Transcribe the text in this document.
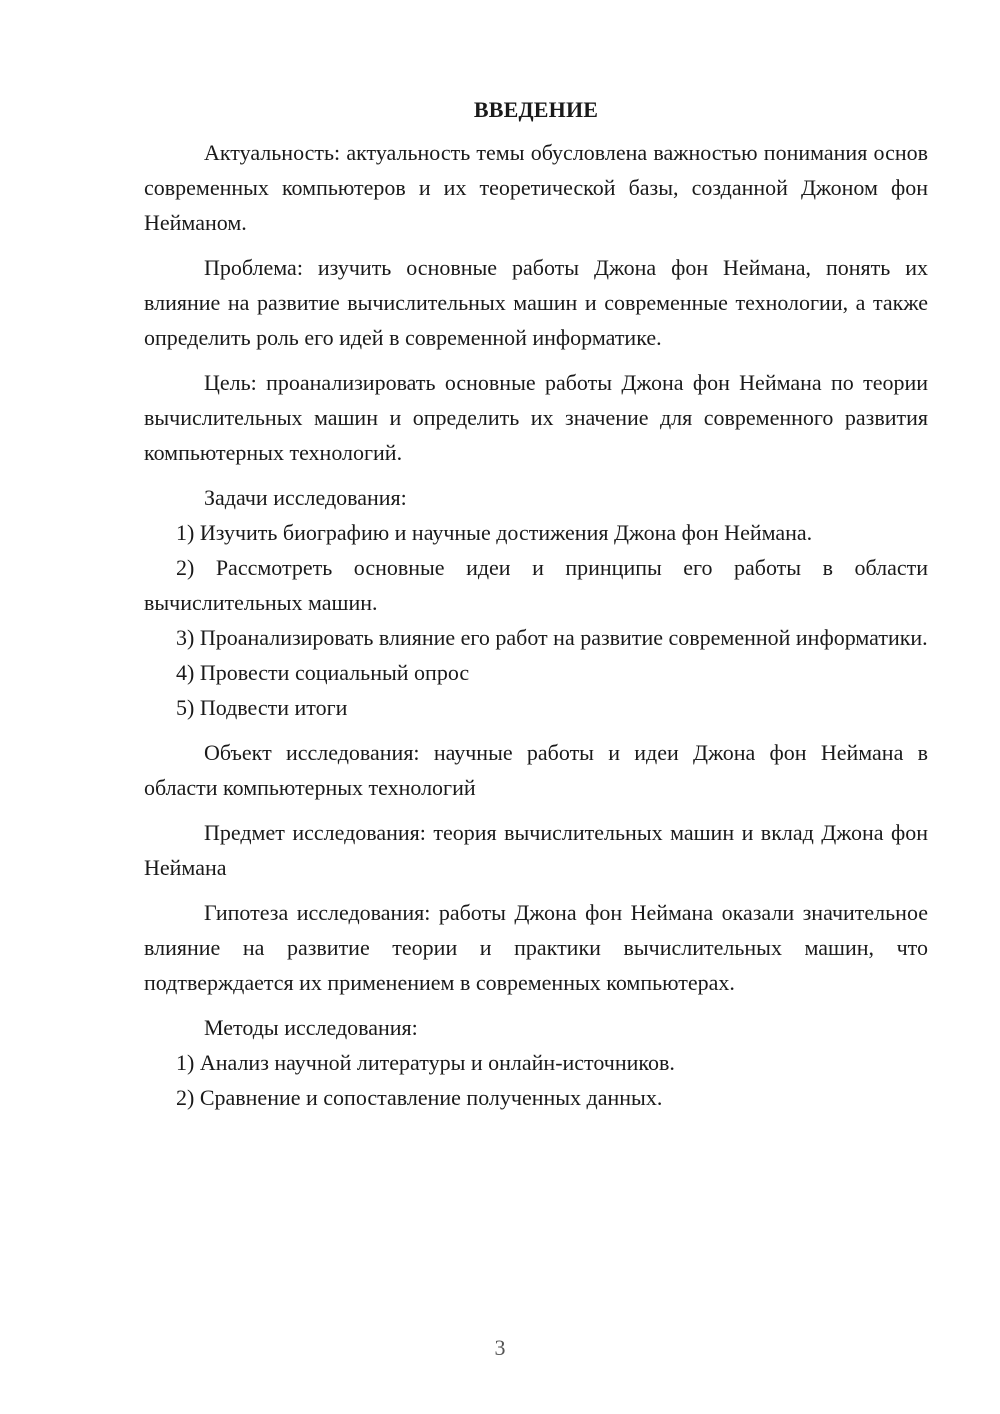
ВВЕДЕНИЕ

Актуальность: актуальность темы обусловлена важностью понимания основ современных компьютеров и их теоретической базы, созданной Джоном фон Нейманом.

Проблема: изучить основные работы Джона фон Неймана, понять их влияние на развитие вычислительных машин и современные технологии, а также определить роль его идей в современной информатике.

Цель: проанализировать основные работы Джона фон Неймана по теории вычислительных машин и определить их значение для современного развития компьютерных технологий.

Задачи исследования:

1) Изучить биографию и научные достижения Джона фон Неймана.

2) Рассмотреть основные идеи и принципы его работы в области вычислительных машин.

3) Проанализировать влияние его работ на развитие современной информатики.

4) Провести социальный опрос

5) Подвести итоги

Объект исследования: научные работы и идеи Джона фон Неймана в области компьютерных технологий

Предмет исследования: теория вычислительных машин и вклад Джона фон Неймана

Гипотеза исследования: работы Джона фон Неймана оказали значительное влияние на развитие теории и практики вычислительных машин, что подтверждается их применением в современных компьютерах.

Методы исследования:

1) Анализ научной литературы и онлайн-источников.

2) Сравнение и сопоставление полученных данных.

3
